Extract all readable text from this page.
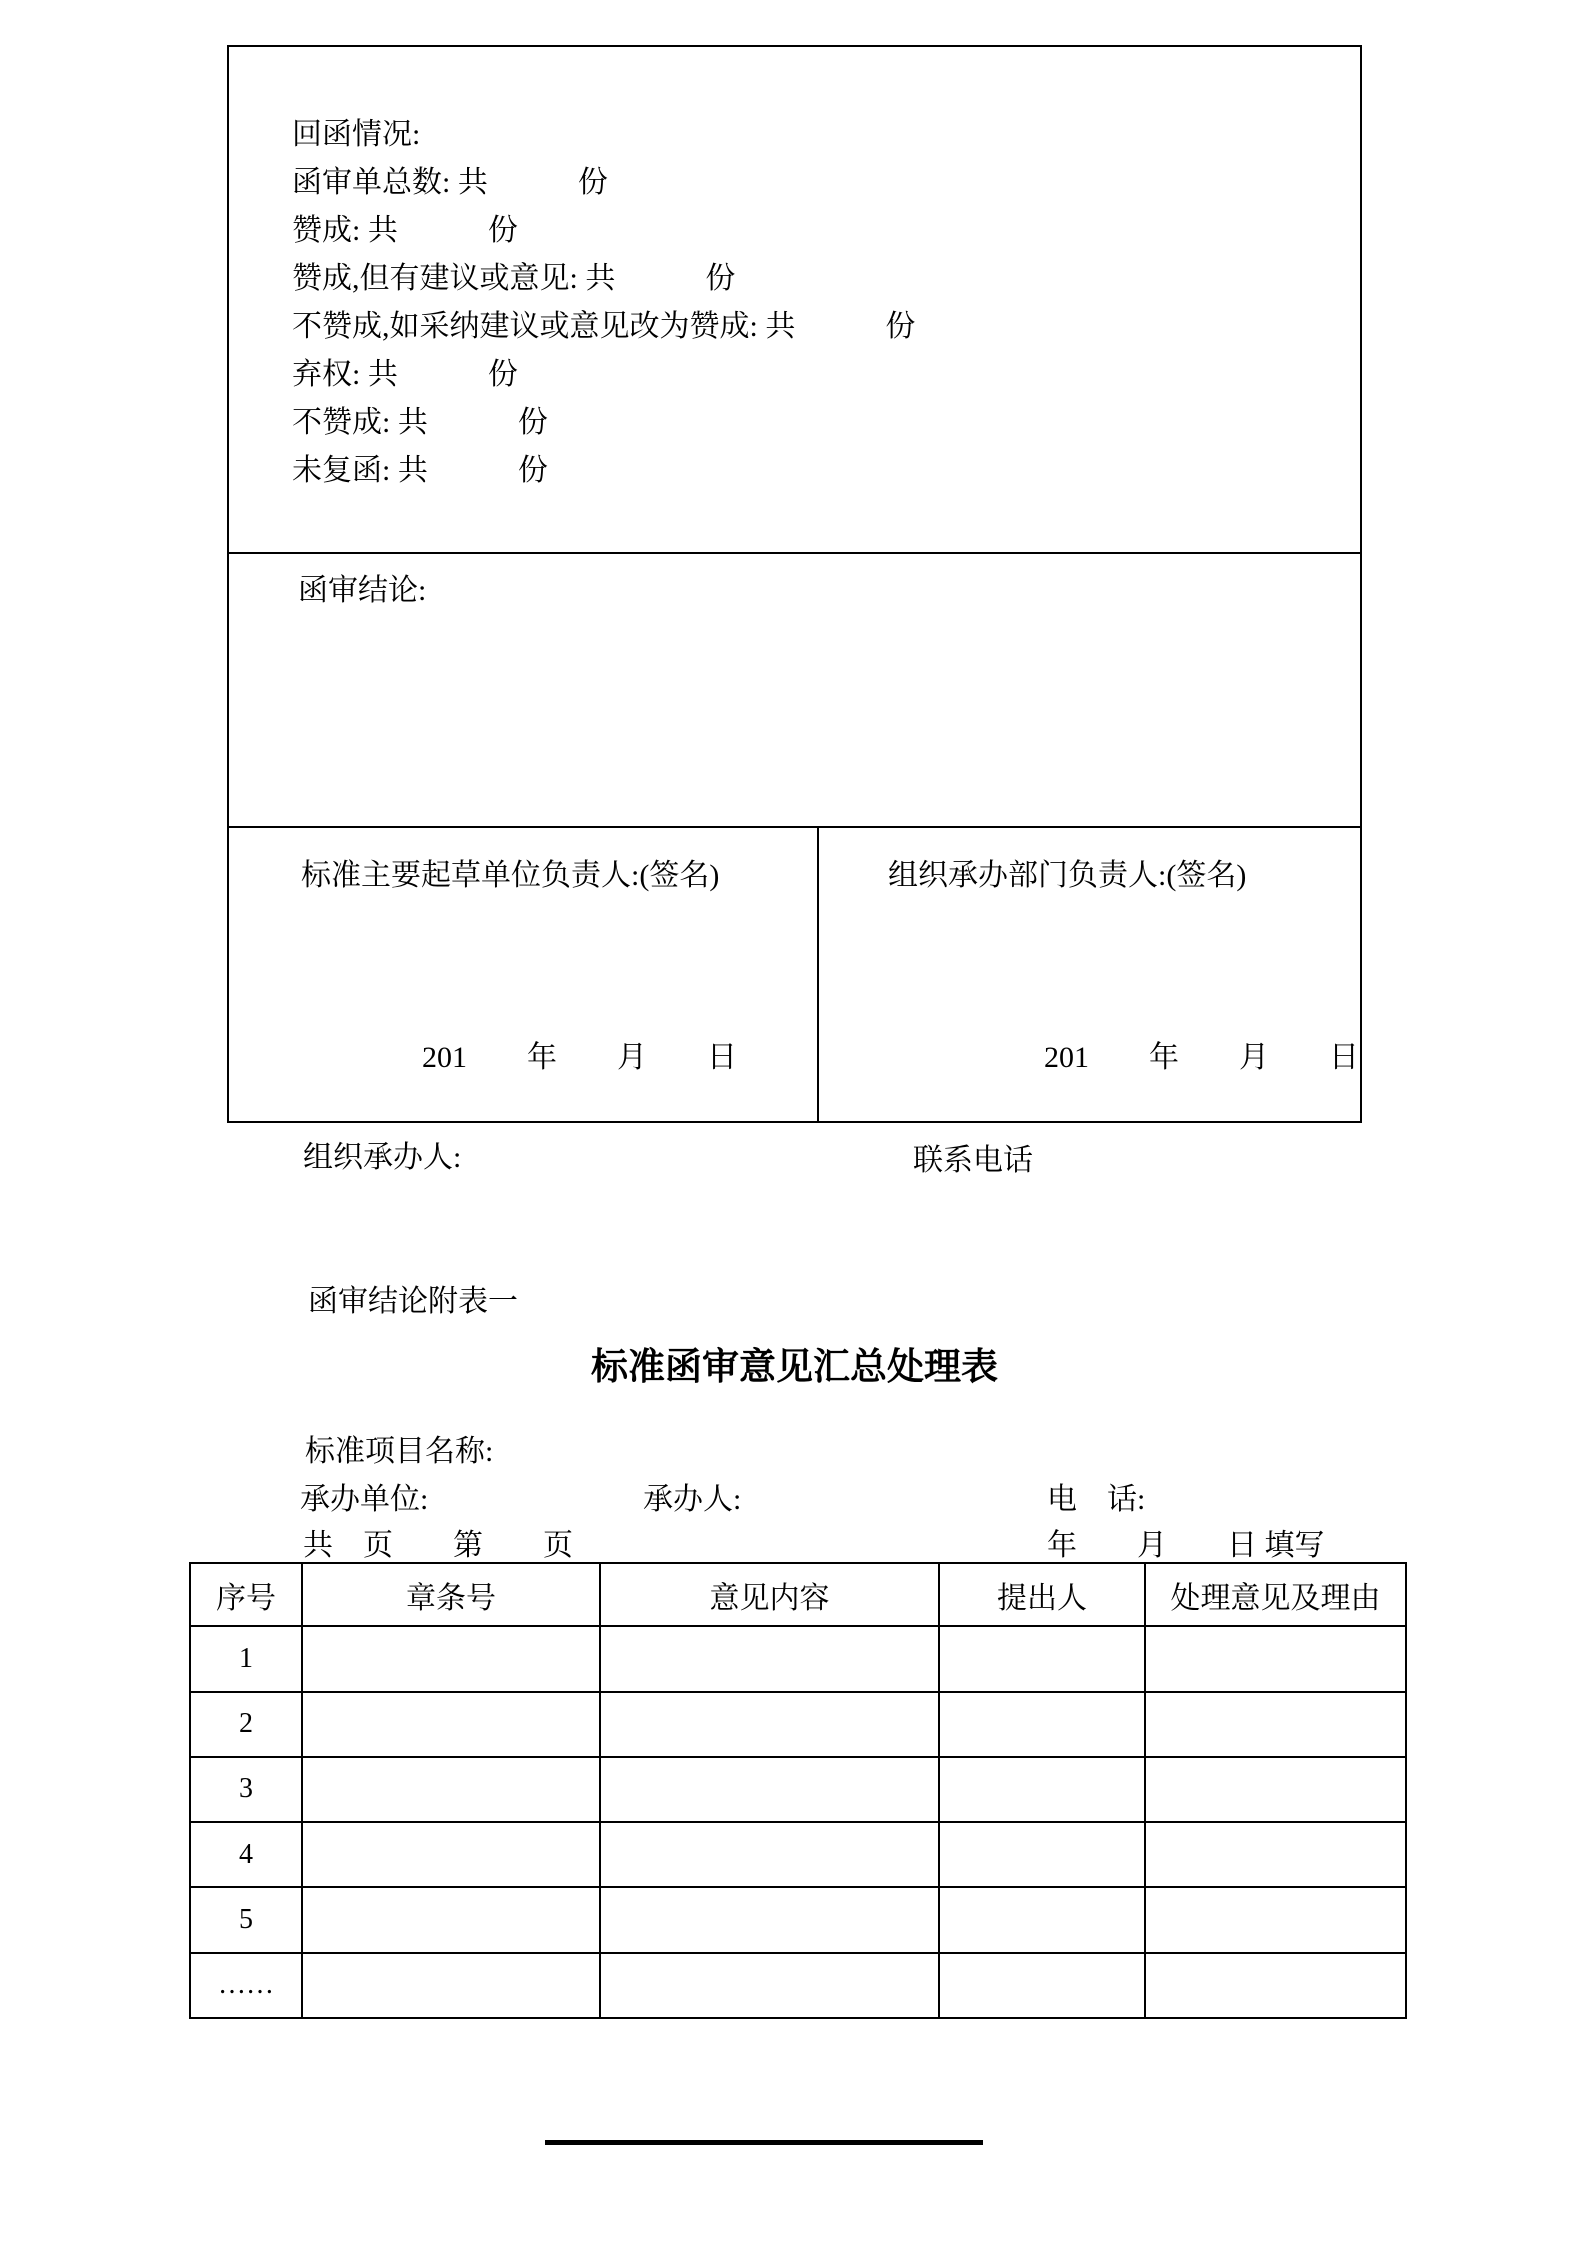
回函情况:
函审单总数: 共　　　份
赞成: 共　　　份
赞成,但有建议或意见: 共　　　份
不赞成,如采纳建议或意见改为赞成: 共　　　份
弃权: 共　　　份
不赞成: 共　　　份
未复函: 共　　　份
函审结论:
标准主要起草单位负责人:(签名)
201　　年　　月　　日
组织承办部门负责人:(签名)
201　　年　　月　　日
组织承办人:	联系电话
函审结论附表一
标准函审意见汇总处理表
标准项目名称:
承办单位:	承办人:	电　话:
共　页　　第　　页	年　　月　　日 填写
序号	章条号	意见内容	提出人	处理意见及理由
1				
2				
3				
4				
5				
……				
